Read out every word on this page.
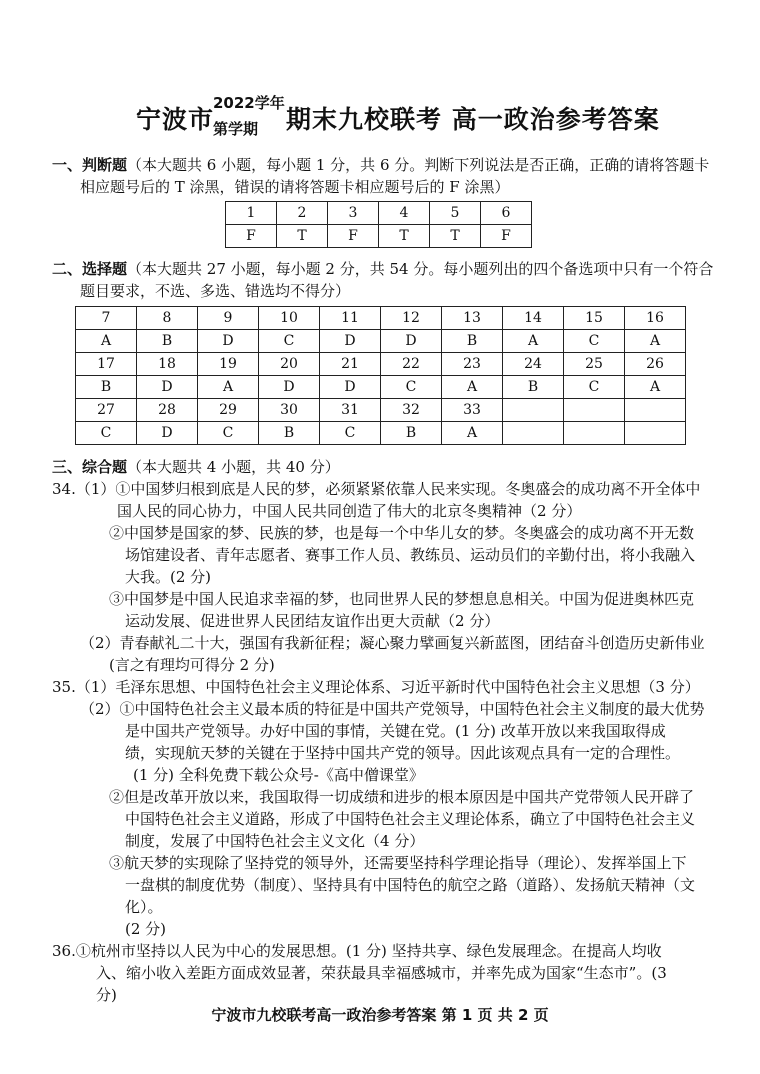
宁波市
2022学年
第学期 期末九校联考 高一政治参考答案
一、判断题（本大题共 6 小题，每小题 1 分，共 6 分。判断下列说法是否正确，正确的请将答题卡
相应题号后的 T 涂黑，错误的请将答题卡相应题号后的 F 涂黑）
1	2	3	4	5	6
F	T	F	T	T	F
二、选择题（本大题共 27 小题，每小题 2 分，共 54 分。每小题列出的四个备选项中只有一个符合
题目要求，不选、多选、错选均不得分）
7	8	9	10	11	12	13	14	15	16
A	B	D	C	D	D	B	A	C	A
17	18	19	20	21	22	23	24	25	26
B	D	A	D	D	C	A	B	C	A
27	28	29	30	31	32	33			
C	D	C	B	C	B	A			
三、综合题（本大题共 4 小题，共 40 分）
34.（1）①中国梦归根到底是人民的梦，必须紧紧依靠人民来实现。冬奥盛会的成功离不开全体中
国人民的同心协力，中国人民共同创造了伟大的北京冬奥精神（2 分）
②中国梦是国家的梦、民族的梦，也是每一个中华儿女的梦。冬奥盛会的成功离不开无数
场馆建设者、青年志愿者、赛事工作人员、教练员、运动员们的辛勤付出，将小我融入
大我。(2 分)
③中国梦是中国人民追求幸福的梦，也同世界人民的梦想息息相关。中国为促进奥林匹克
运动发展、促进世界人民团结友谊作出更大贡献（2 分）
（2）青春献礼二十大，强国有我新征程；凝心聚力擘画复兴新蓝图，团结奋斗创造历史新伟业
(言之有理均可得分 2 分)
35.（1）毛泽东思想、中国特色社会主义理论体系、习近平新时代中国特色社会主义思想（3 分）
（2）①中国特色社会主义最本质的特征是中国共产党领导，中国特色社会主义制度的最大优势
是中国共产党领导。办好中国的事情，关键在党。(1 分) 改革开放以来我国取得成
绩，实现航天梦的关键在于坚持中国共产党的领导。因此该观点具有一定的合理性。
(1 分) 全科免费下载公众号-《高中僧课堂》
②但是改革开放以来，我国取得一切成绩和进步的根本原因是中国共产党带领人民开辟了
中国特色社会主义道路，形成了中国特色社会主义理论体系，确立了中国特色社会主义
制度，发展了中国特色社会主义文化（4 分）
③航天梦的实现除了坚持党的领导外，还需要坚持科学理论指导（理论）、发挥举国上下
一盘棋的制度优势（制度）、坚持具有中国特色的航空之路（道路）、发扬航天精神（文
化）。
(2 分)
36.①杭州市坚持以人民为中心的发展思想。(1 分) 坚持共享、绿色发展理念。在提高人均收
入、缩小收入差距方面成效显著，荣获最具幸福感城市，并率先成为国家“生态市”。(3
分)
宁波市九校联考高一政治参考答案 第 1 页 共 2 页
